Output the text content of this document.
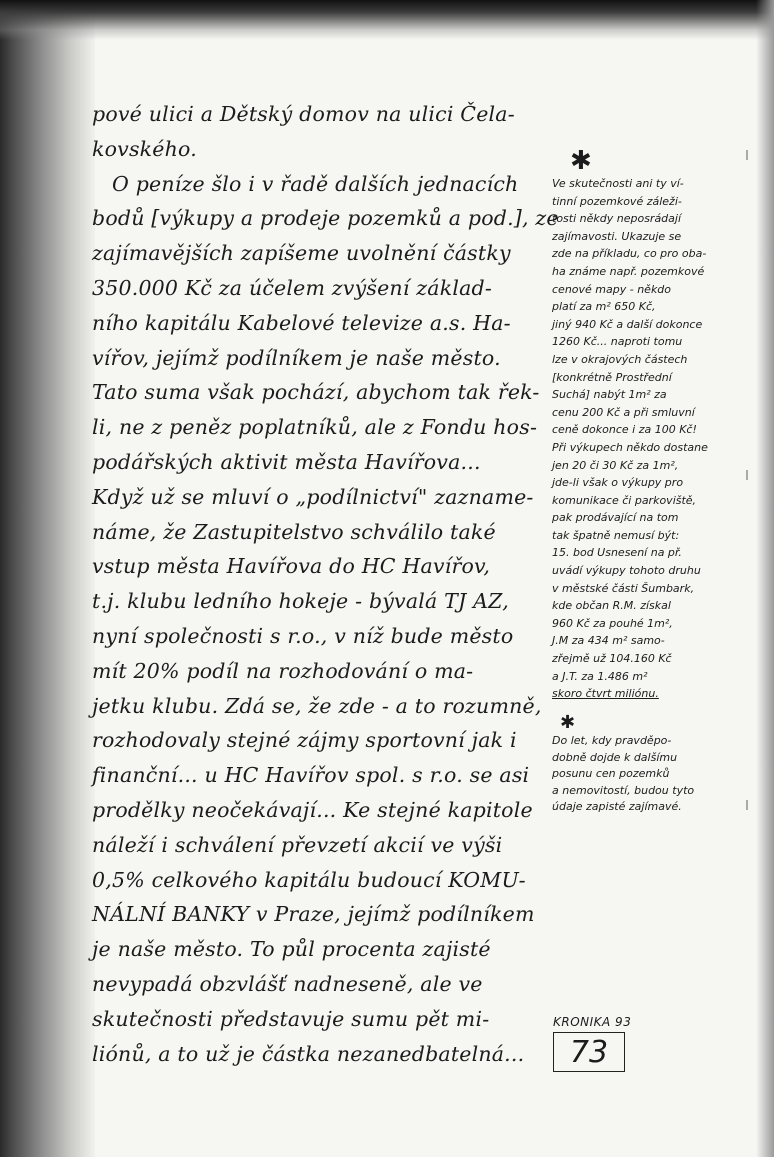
pové ulici a Dětský domov na ulici Čela-
kovského.
O peníze šlo i v řadě dalších jednacích
bodů [výkupy a prodeje pozemků a pod.], ze
zajímavějších zapíšeme uvolnění částky
350.000 Kč za účelem zvýšení základ-
ního kapitálu Kabelové televize a.s. Ha-
vířov, jejímž podílníkem je naše město.
Tato suma však pochází, abychom tak řek-
li, ne z peněz poplatníků, ale z Fondu hos-
podářských aktivit města Havířova...
Když už se mluví o „podílnictví" zazname-
náme, že Zastupitelstvo schválilo také
vstup města Havířova do HC Havířov,
t.j. klubu ledního hokeje - bývalá TJ AZ,
nyní společnosti s r.o., v níž bude město
mít 20% podíl na rozhodování o ma-
jetku klubu. Zdá se, že zde - a to rozumně,
rozhodovaly stejné zájmy sportovní jak i
finanční... u HC Havířov spol. s r.o. se asi
prodělky neočekávají... Ke stejné kapitole
náleží i schválení převzetí akcií ve výši
0,5% celkového kapitálu budoucí KOMU-
NÁLNÍ BANKY v Praze, jejímž podílníkem
je naše město. To půl procenta zajisté
nevypadá obzvlášť nadneseně, ale ve
skutečnosti představuje sumu pět mi-
liónů, a to už je částka nezanedbatelná...
✱
Ve skutečnosti ani ty ví-
tinní pozemkové záleži-
tosti někdy neposrádají
zajímavosti. Ukazuje se
zde na příkladu, co pro oba-
ha známe např. pozemkové
cenové mapy - někdo
platí za m² 650 Kč,
jiný 940 Kč a další dokonce
1260 Kč... naproti tomu
lze v okrajových částech
[konkrétně Prostřední
Suchá] nabýt 1m² za
cenu 200 Kč a při smluvní
ceně dokonce i za 100 Kč!
Při výkupech někdo dostane
jen 20 či 30 Kč za 1m²,
jde-li však o výkupy pro
komunikace či parkoviště,
pak prodávající na tom
tak špatně nemusí být:
15. bod Usnesení na př.
uvádí výkupy tohoto druhu
v městské části Šumbark,
kde občan R.M. získal
960 Kč za pouhé 1m²,
J.M za 434 m² samo-
zřejmě už 104.160 Kč
a J.T. za 1.486 m²
skoro čtvrt miliónu.
✱
Do let, kdy pravděpo-
dobně dojde k dalšímu
posunu cen pozemků
a nemovitostí, budou tyto
údaje zapisté zajímavé.
KRONIKA 93
73
